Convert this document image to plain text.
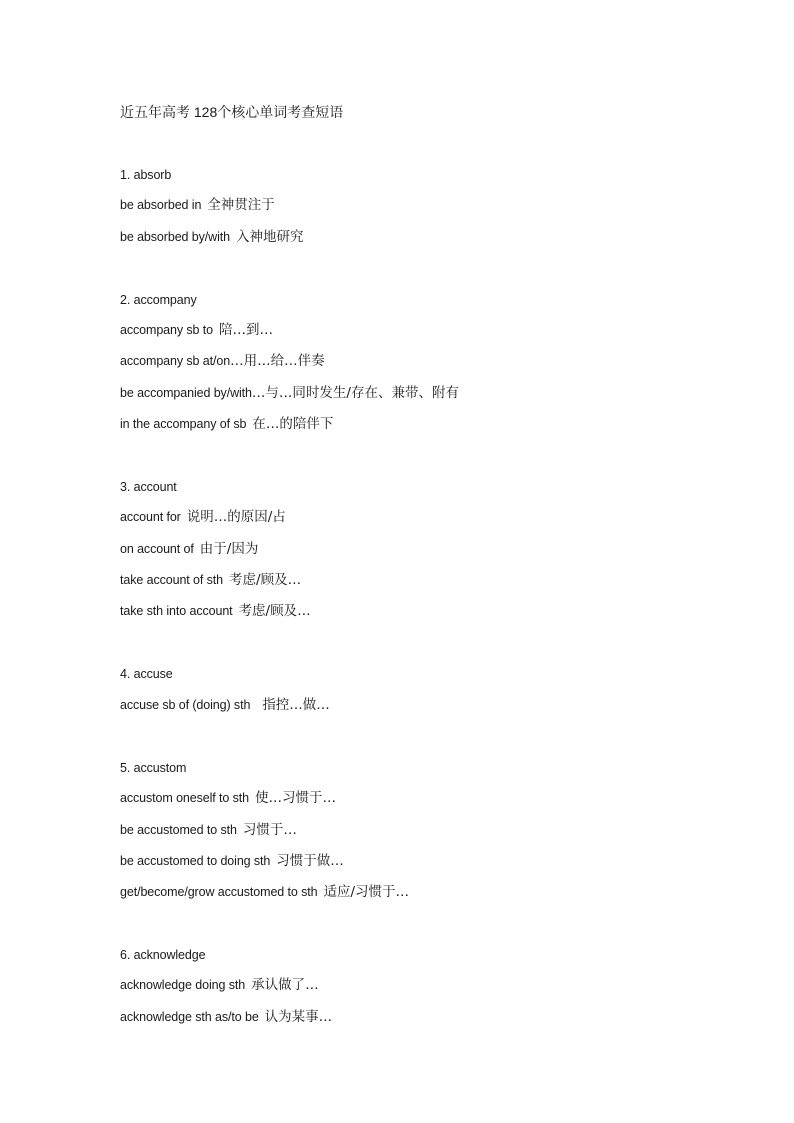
近五年高考 128个核心单词考查短语
1. absorb
be absorbed in 全神贯注于
be absorbed by/with 入神地研究
2. accompany
accompany sb to 陪…到…
accompany sb at/on…用…给…伴奏
be accompanied by/with…与…同时发生/存在、兼带、附有
in the accompany of sb 在…的陪伴下
3. account
account for 说明…的原因/占
on account of 由于/因为
take account of sth 考虑/顾及…
take sth into account 考虑/顾及…
4. accuse
accuse sb of (doing) sth 指控…做…
5. accustom
accustom oneself to sth 使…习惯于…
be accustomed to sth 习惯于…
be accustomed to doing sth 习惯于做…
get/become/grow accustomed to sth 适应/习惯于…
6. acknowledge
acknowledge doing sth 承认做了…
acknowledge sth as/to be 认为某事…
